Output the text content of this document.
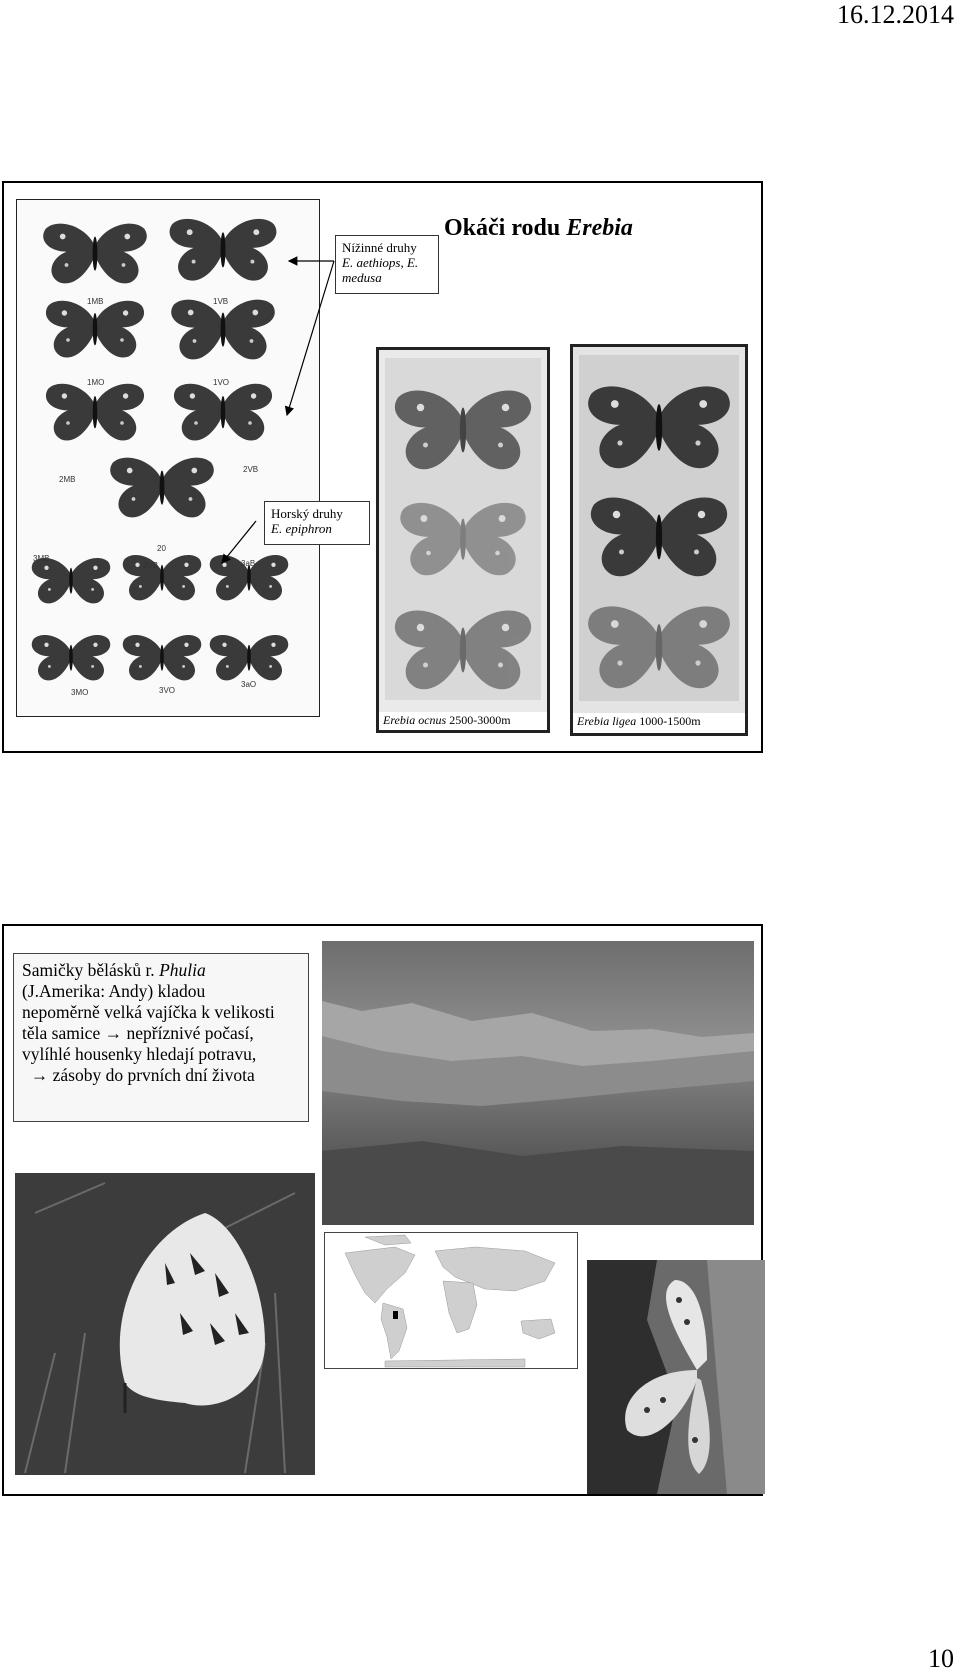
16.12.2014
Okáči rodu Erebia
1MB	1VB
1MO	1VO
2MB
2VB
20
3MB
3VB	3aB
3MO	3VO
3aO
Nížinné druhy
E. aethiops, E. medusa
Horský druhy
E. epiphron
Erebia ocnus 2500-3000m	Erebia ligea 1000-1500m
Samičky bělásků r. Phulia
(J.Amerika: Andy) kladou
nepoměrně velká vajíčka k velikosti
těla samice → nepříznivé počasí,
vylíhlé housenky hledají potravu,
→ zásoby do prvních dní života
10
